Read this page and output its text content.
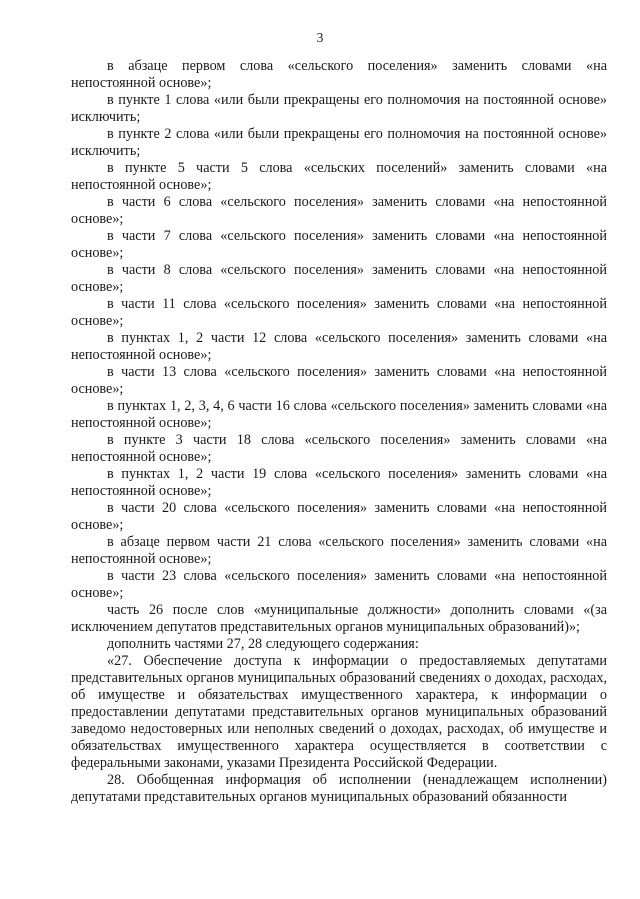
3

в абзаце первом слова «сельского поселения» заменить словами «на непостоянной основе»;

в пункте 1 слова «или были прекращены его полномочия на постоянной основе» исключить;

в пункте 2 слова «или были прекращены его полномочия на постоянной основе» исключить;

в пункте 5 части 5 слова «сельских поселений» заменить словами «на непостоянной основе»;

в части 6 слова «сельского поселения» заменить словами «на непостоянной основе»;

в части 7 слова «сельского поселения» заменить словами «на непостоянной основе»;

в части 8 слова «сельского поселения» заменить словами «на непостоянной основе»;

в части 11 слова «сельского поселения» заменить словами «на непостоянной основе»;

в пунктах 1, 2 части 12 слова «сельского поселения» заменить словами «на непостоянной основе»;

в части 13 слова «сельского поселения» заменить словами «на непостоянной основе»;

в пунктах 1, 2, 3, 4, 6 части 16 слова «сельского поселения» заменить словами «на непостоянной основе»;

в пункте 3 части 18 слова «сельского поселения» заменить словами «на непостоянной основе»;

в пунктах 1, 2 части 19 слова «сельского поселения» заменить словами «на непостоянной основе»;

в части 20 слова «сельского поселения» заменить словами «на непостоянной основе»;

в абзаце первом части 21 слова «сельского поселения» заменить словами «на непостоянной основе»;

в части 23 слова «сельского поселения» заменить словами «на непостоянной основе»;

часть 26 после слов «муниципальные должности» дополнить словами «(за исключением депутатов представительных органов муниципальных образований)»;

дополнить частями 27, 28 следующего содержания:

«27. Обеспечение доступа к информации о предоставляемых депутатами представительных органов муниципальных образований сведениях о доходах, расходах, об имуществе и обязательствах имущественного характера, к информации о предоставлении депутатами представительных органов муниципальных образований заведомо недостоверных или неполных сведений о доходах, расходах, об имуществе и обязательствах имущественного характера осуществляется в соответствии с федеральными законами, указами Президента Российской Федерации.

28. Обобщенная информация об исполнении (ненадлежащем исполнении) депутатами представительных органов муниципальных образований обязанности
